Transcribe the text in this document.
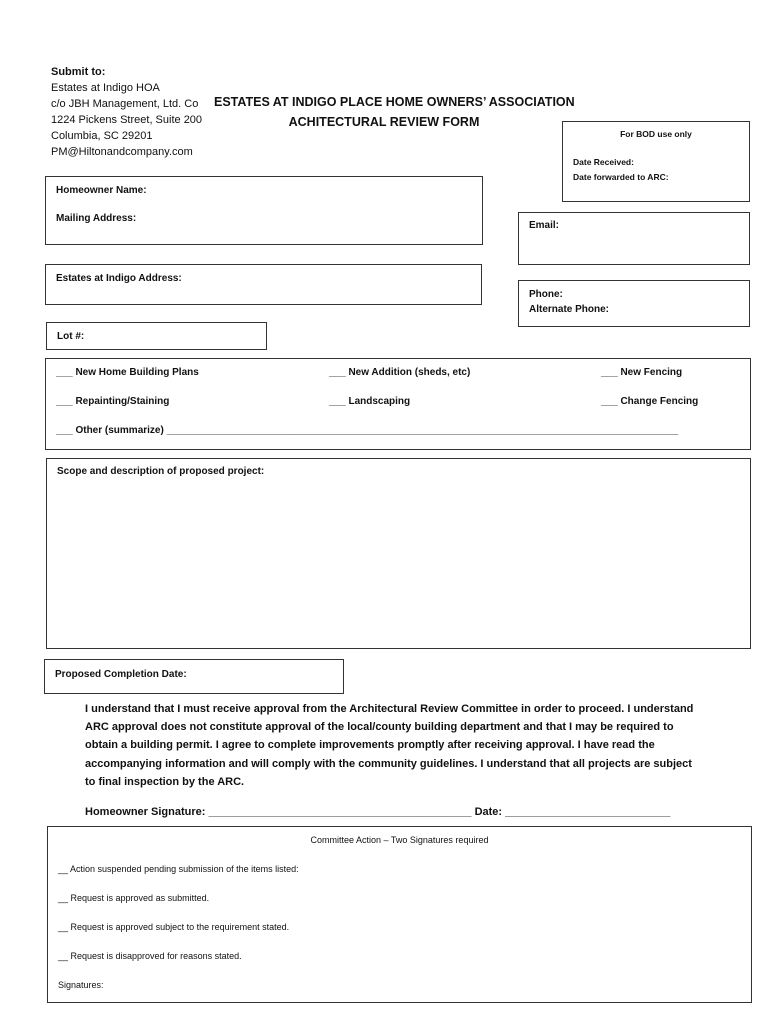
Submit to:
Estates at Indigo HOA
c/o JBH Management, Ltd. Co
1224 Pickens Street, Suite 200
Columbia, SC 29201
PM@Hiltonandcompany.com
ESTATES AT INDIGO PLACE HOME OWNERS’ ASSOCIATION
ACHITECTURAL REVIEW FORM
For BOD use only
Date Received:
Date forwarded to ARC:
Homeowner Name:
Mailing Address:
Email:
Estates at Indigo Address:
Phone:
Alternate Phone:
Lot #:
___ New Home Building Plans	___ New Addition (sheds, etc)	___ New Fencing
___ Repainting/Staining	___ Landscaping	___ Change Fencing
___ Other (summarize) ____________________________________________________________________________________________
Scope and description of proposed project:
Proposed Completion Date:
I understand that I must receive approval from the Architectural Review Committee in order to proceed. I understand
ARC approval does not constitute approval of the local/county building department and that I may be required to
obtain a building permit. I agree to complete improvements promptly after receiving approval. I have read the
accompanying information and will comply with the community guidelines. I understand that all projects are subject
to final inspection by the ARC.
Homeowner Signature: ___________________________________________ Date: ___________________________
Committee Action – Two Signatures required
__ Action suspended pending submission of the items listed:
__ Request is approved as submitted.
__ Request is approved subject to the requirement stated.
__ Request is disapproved for reasons stated.
Signatures:
